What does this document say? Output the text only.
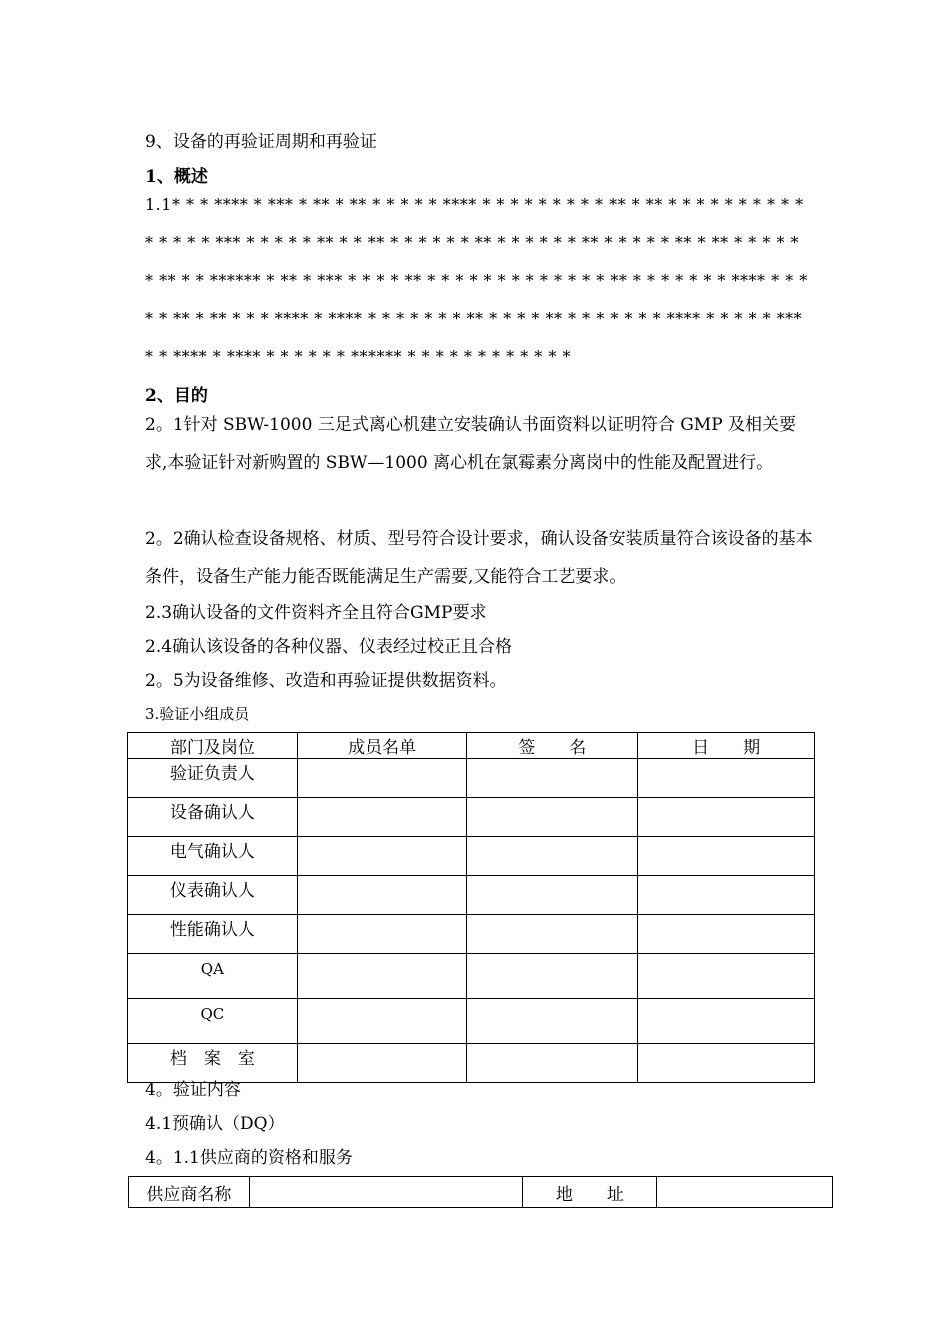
9、设备的再验证周期和再验证
1、概述
1.1* * * **** * *** * ** * ** * * * * * **** * * * * * * * * * ** * ** * * * * * * * * * * * * * * * *** * * * * * ** * * ** * * * * * * ** * * * * * * ** * * * * * ** * ** * * * * * * ** * * ****** * ** * *** * * * * ** * * * * * * * * * * * * * ** * * * * * * * **** * * ** * ** * ** * * * **** * **** * * * * * * * ** * * * * ** * * * * * * * **** * * * * * **** * **** * **** * * * * * * ****** * * * * * * * * * * * *
2、目的
2。1针对 SBW-1000 三足式离心机建立安装确认书面资料以证明符合 GMP 及相关要求,本验证针对新购置的 SBW—1000 离心机在氯霉素分离岗中的性能及配置进行。
2。2确认检查设备规格、材质、型号符合设计要求，确认设备安装质量符合该设备的基本条件，设备生产能力能否既能满足生产需要,又能符合工艺要求。
2.3确认设备的文件资料齐全且符合GMP要求
2.4确认该设备的各种仪器、仪表经过校正且合格
2。5为设备维修、改造和再验证提供数据资料。
3.验证小组成员
部门及岗位	成员名单	签　　名	日　　期
验证负责人			
设备确认人			
电气确认人			
仪表确认人			
性能确认人			
QA			
QC			
档　案　室			
4。验证内容
4.1预确认（DQ）
4。1.1供应商的资格和服务
供应商名称		地　　址	
